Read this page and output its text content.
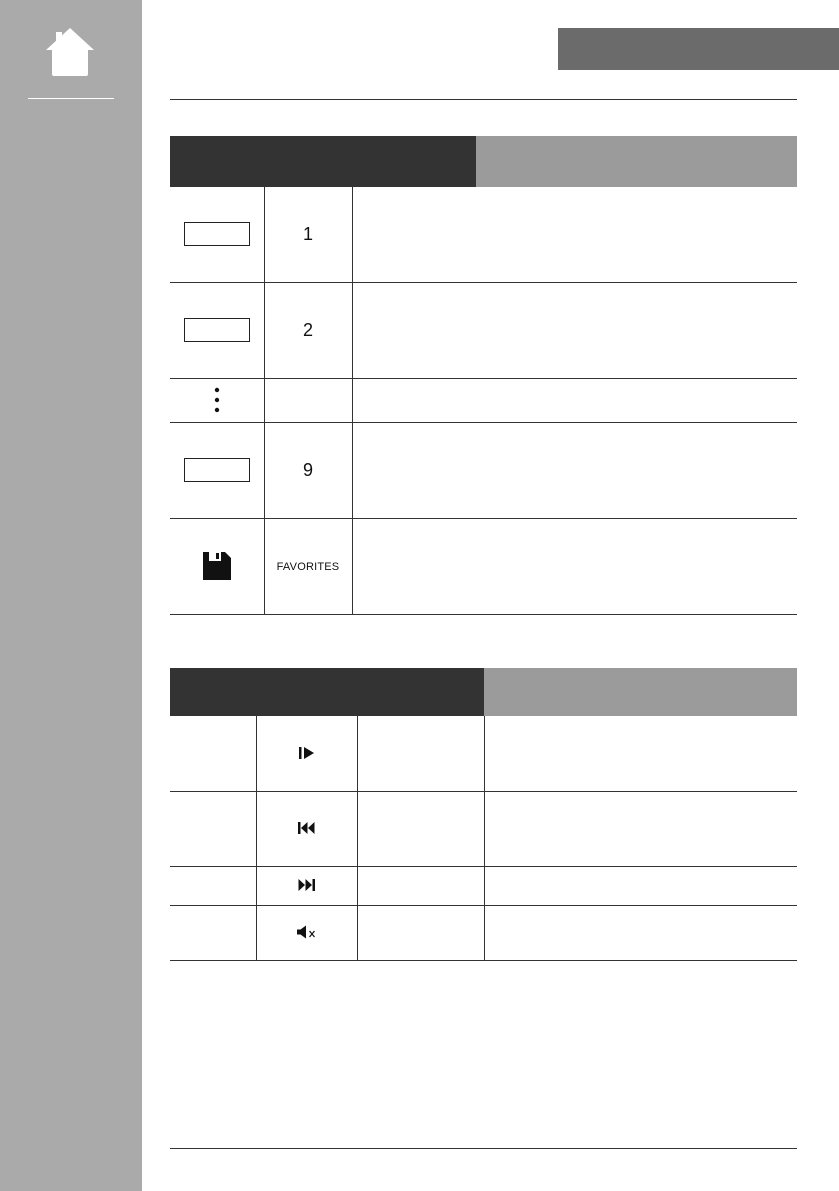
	1		
	2		

	9		
	FAVORITES		
